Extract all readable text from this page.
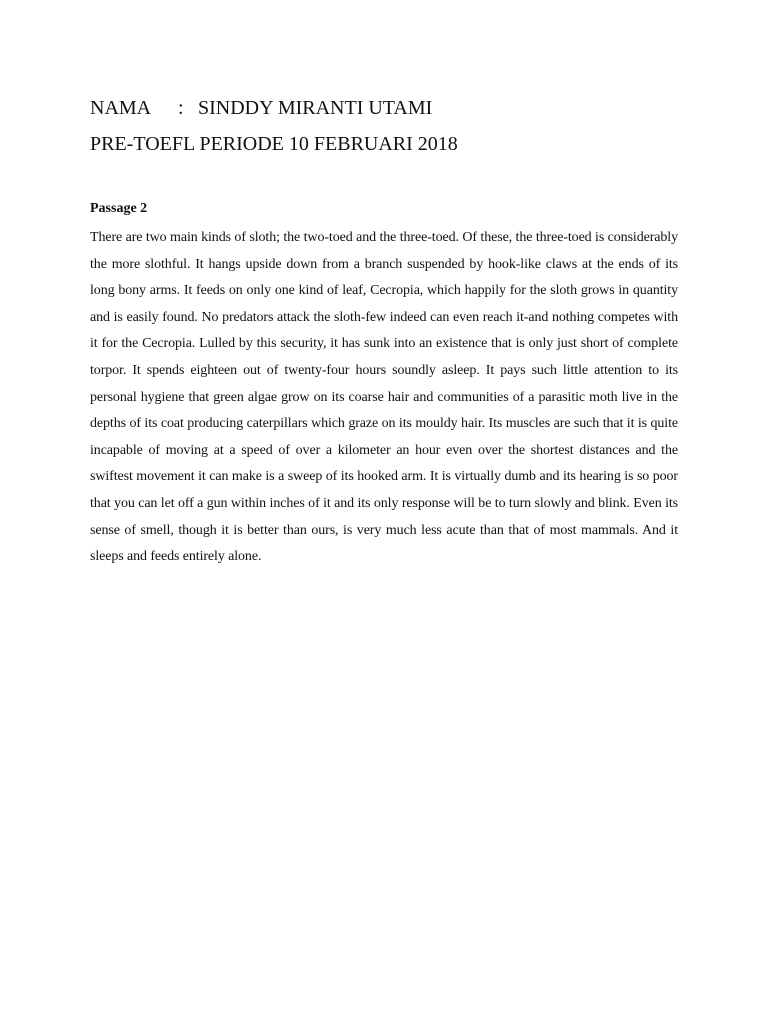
NAMA : SINDDY MIRANTI UTAMI
PRE-TOEFL PERIODE 10 FEBRUARI 2018
Passage 2
There are two main kinds of sloth; the two-toed and the three-toed. Of these, the three-toed is considerably the more slothful. It hangs upside down from a branch suspended by hook-like claws at the ends of its long bony arms. It feeds on only one kind of leaf, Cecropia, which happily for the sloth grows in quantity and is easily found. No predators attack the sloth-few indeed can even reach it-and nothing competes with it for the Cecropia. Lulled by this security, it has sunk into an existence that is only just short of complete torpor. It spends eighteen out of twenty-four hours soundly asleep. It pays such little attention to its personal hygiene that green algae grow on its coarse hair and communities of a parasitic moth live in the depths of its coat producing caterpillars which graze on its mouldy hair. Its muscles are such that it is quite incapable of moving at a speed of over a kilometer an hour even over the shortest distances and the swiftest movement it can make is a sweep of its hooked arm. It is virtually dumb and its hearing is so poor that you can let off a gun within inches of it and its only response will be to turn slowly and blink. Even its sense of smell, though it is better than ours, is very much less acute than that of most mammals. And it sleeps and feeds entirely alone.
